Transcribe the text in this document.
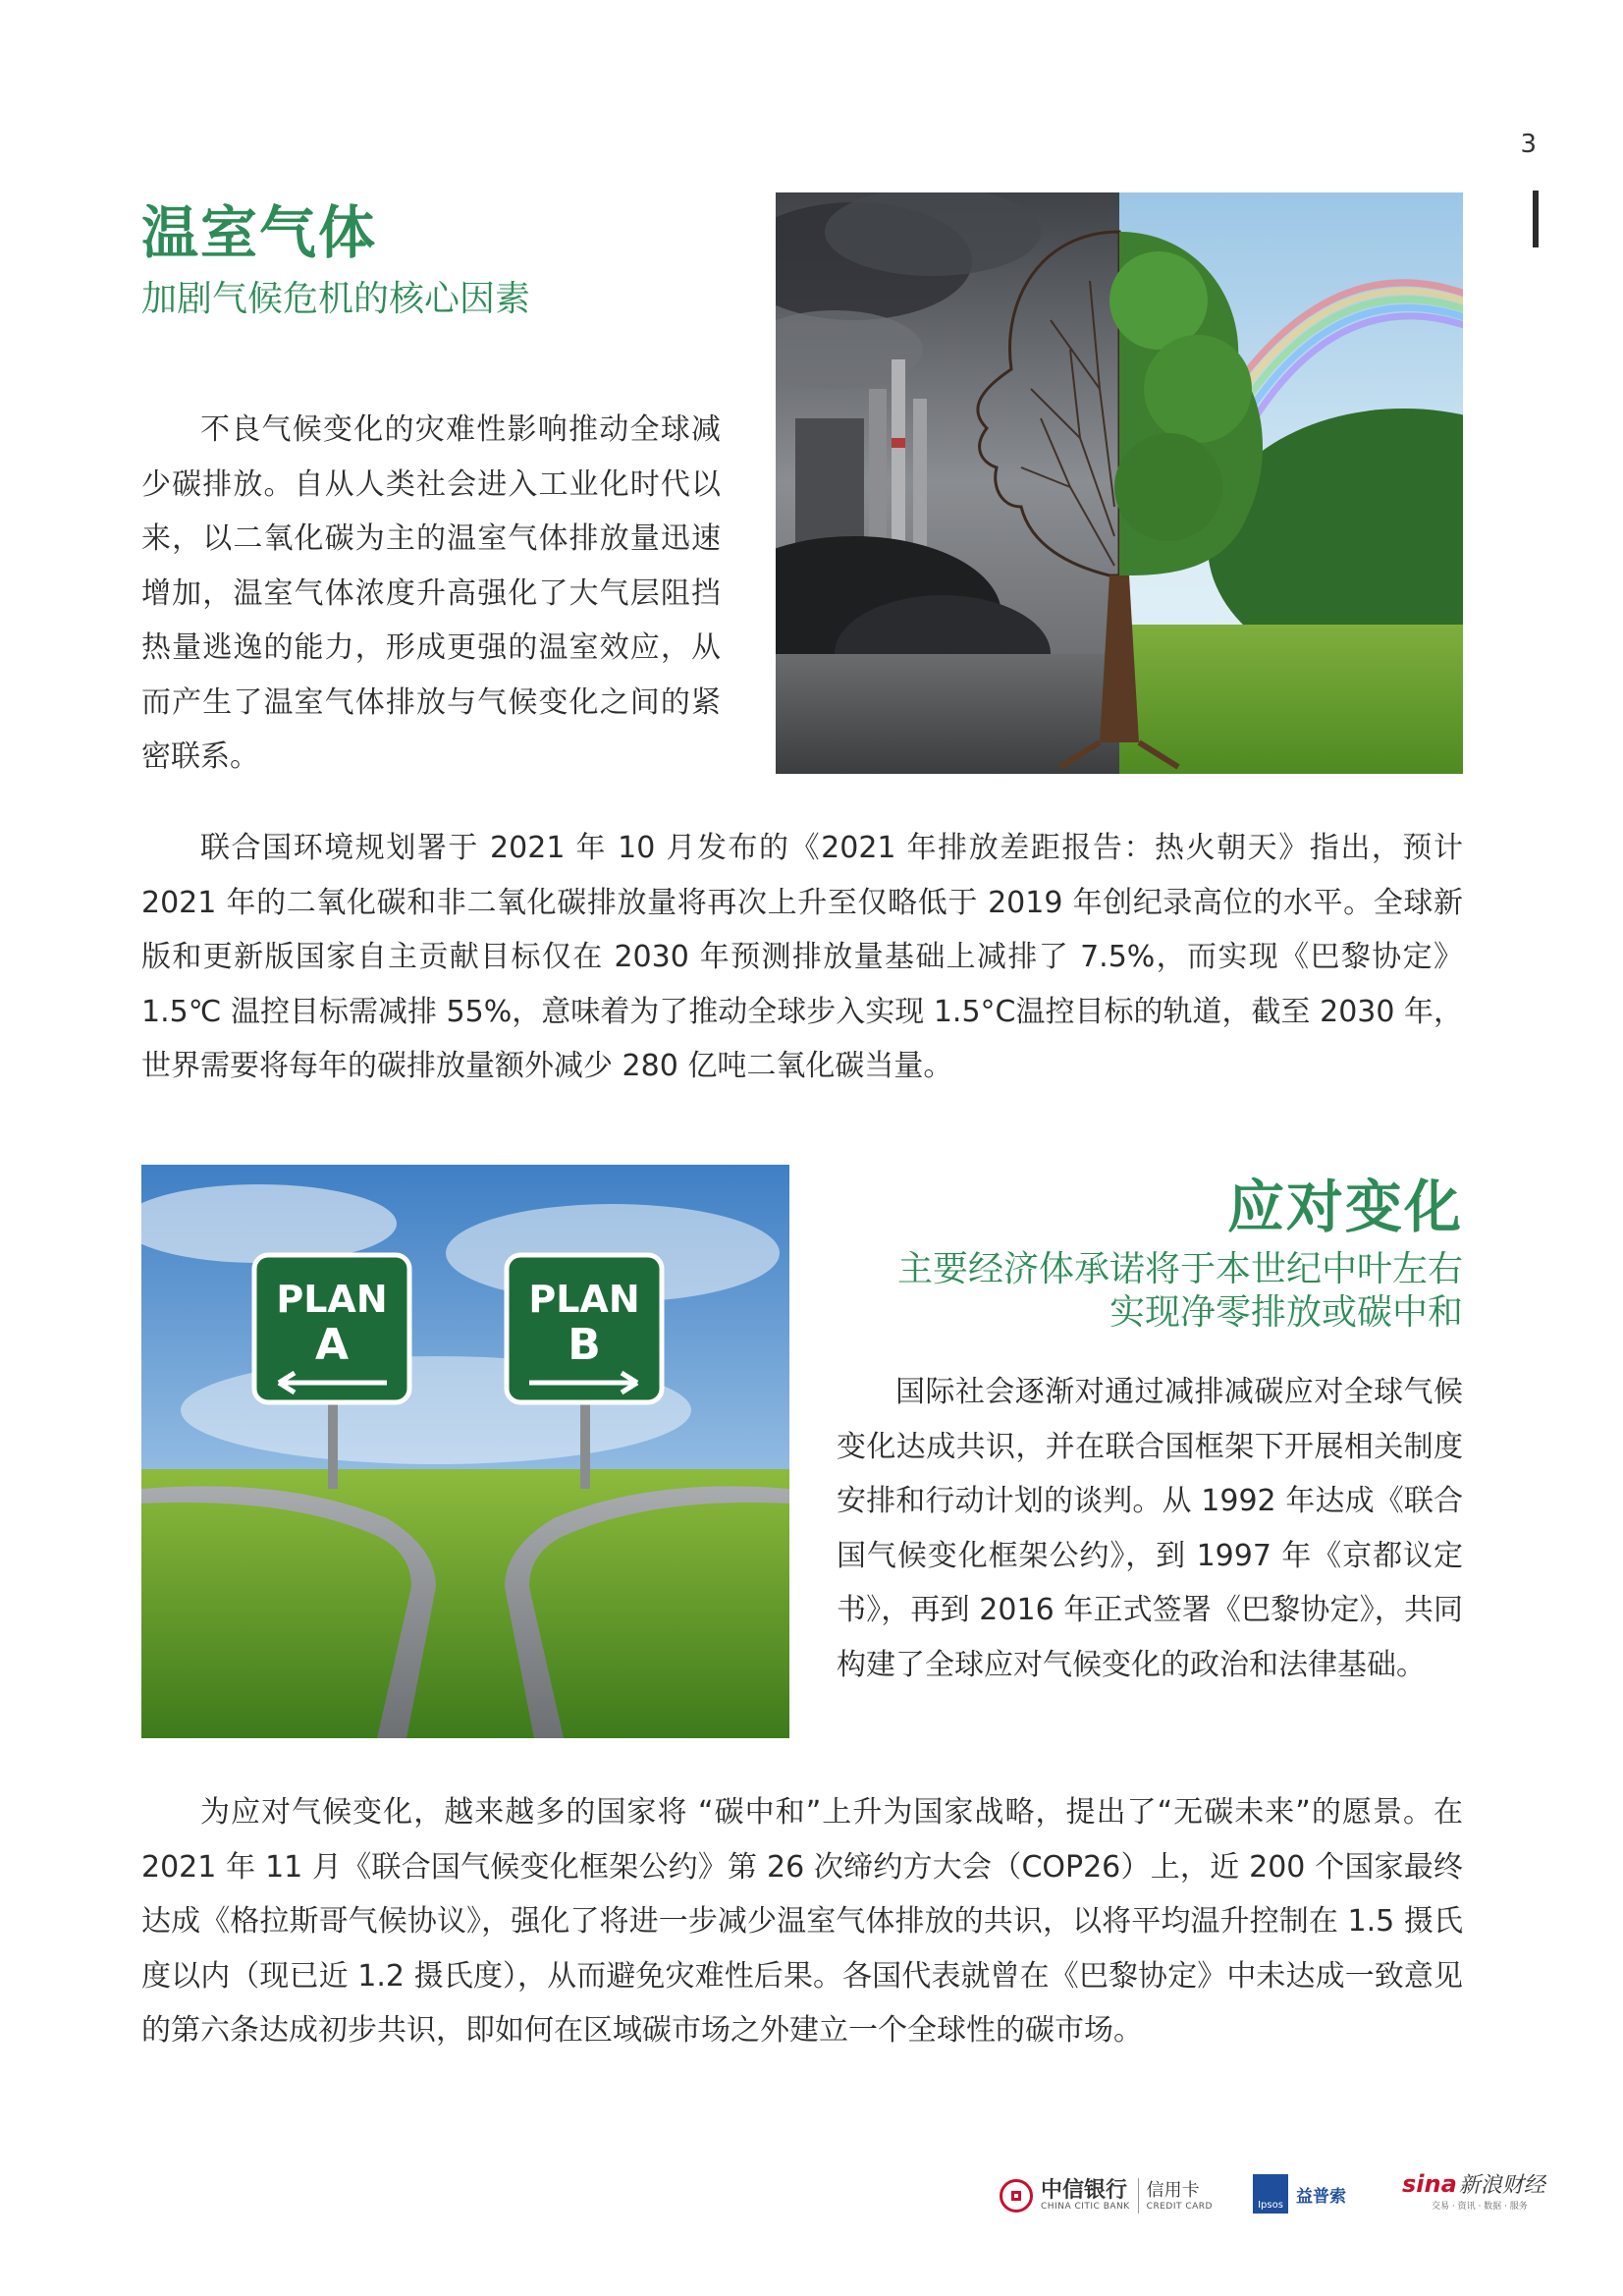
3
温室气体
加剧气候危机的核心因素
不良气候变化的灾难性影响推动全球减少碳排放。自从人类社会进入工业化时代以来，以二氧化碳为主的温室气体排放量迅速增加，温室气体浓度升高强化了大气层阻挡热量逃逸的能力，形成更强的温室效应，从而产生了温室气体排放与气候变化之间的紧密联系。
联合国环境规划署于 2021 年 10 月发布的《2021 年排放差距报告：热火朝天》指出，预计 2021 年的二氧化碳和非二氧化碳排放量将再次上升至仅略低于 2019 年创纪录高位的水平。全球新版和更新版国家自主贡献目标仅在 2030 年预测排放量基础上减排了 7.5%，而实现《巴黎协定》1.5℃ 温控目标需减排 55%，意味着为了推动全球步入实现 1.5°C温控目标的轨道，截至 2030 年，世界需要将每年的碳排放量额外减少 280 亿吨二氧化碳当量。
PLAN
A
PLAN
B
应对变化
主要经济体承诺将于本世纪中叶左右
实现净零排放或碳中和
国际社会逐渐对通过减排减碳应对全球气候变化达成共识，并在联合国框架下开展相关制度安排和行动计划的谈判。从 1992 年达成《联合国气候变化框架公约》，到 1997 年《京都议定书》，再到 2016 年正式签署《巴黎协定》，共同构建了全球应对气候变化的政治和法律基础。
为应对气候变化，越来越多的国家将 “碳中和”上升为国家战略，提出了“无碳未来”的愿景。在 2021 年 11 月《联合国气候变化框架公约》第 26 次缔约方大会（COP26）上，近 200 个国家最终达成《格拉斯哥气候协议》，强化了将进一步减少温室气体排放的共识，以将平均温升控制在 1.5 摄氏度以内（现已近 1.2 摄氏度），从而避免灾难性后果。各国代表就曾在《巴黎协定》中未达成一致意见的第六条达成初步共识，即如何在区域碳市场之外建立一个全球性的碳市场。
中信银行
CHINA CITIC BANK
信用卡
CREDIT CARD	Ipsos 益普索 sina 新浪财经
交易 · 资讯 · 数据 · 服务
